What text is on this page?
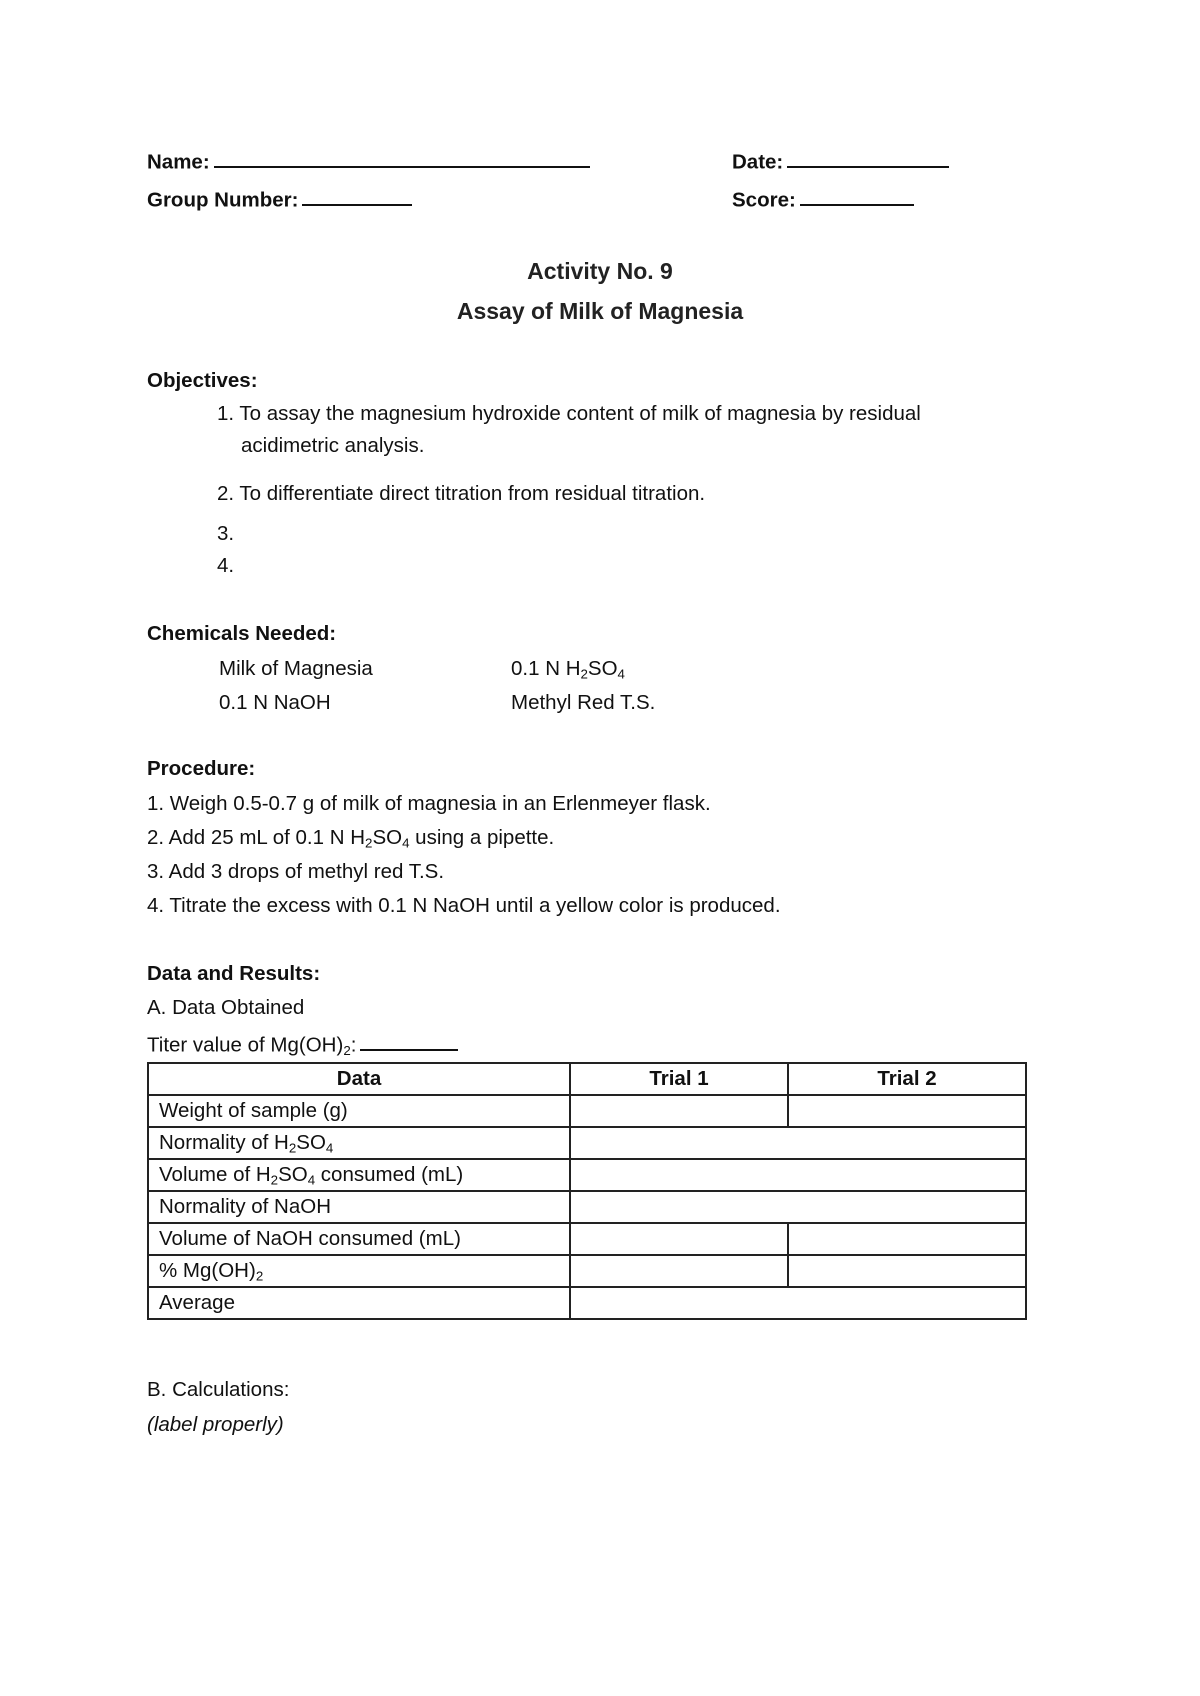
Name:	Date:
Group Number:	Score:
Activity No. 9
Assay of Milk of Magnesia
Objectives:
1. To assay the magnesium hydroxide content of milk of magnesia by residual acidimetric analysis.
2. To differentiate direct titration from residual titration.
3.
4.
Chemicals Needed:
Milk of Magnesia	0.1 N $H_2SO_4$
0.1 N NaOH	Methyl Red T.S.
Procedure:
1. Weigh 0.5-0.7 g of milk of magnesia in an Erlenmeyer flask.
2. Add 25 mL of 0.1 N $H_2SO_4$ using a pipette.
3. Add 3 drops of methyl red T.S.
4. Titrate the excess with 0.1 N NaOH until a yellow color is produced.
Data and Results:
A. Data Obtained
Titer value of $Mg(OH)_2$:
Data	Trial 1	Trial 2
Weight of sample (g)		
Normality of $H_2SO_4$	
Volume of $H_2SO_4$ consumed (mL)		
Normality of NaOH		
Volume of NaOH consumed (mL)		
% $Mg(OH)_2$		
Average		
B. Calculations:
(label properly)
